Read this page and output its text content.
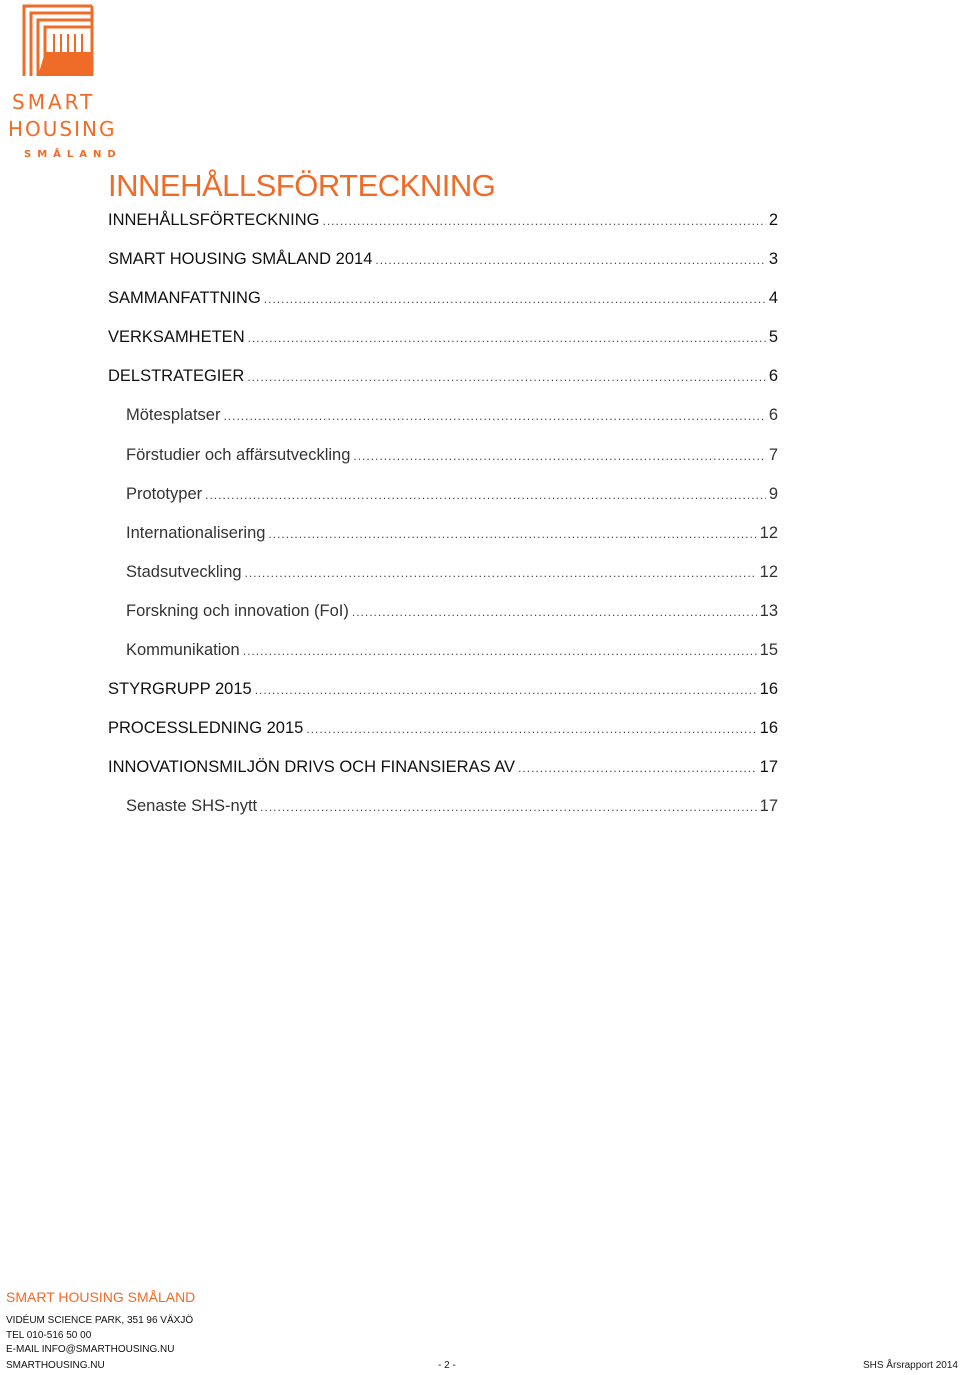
SMART
HOUSING
SMÅLAND
INNEHÅLLSFÖRTECKNING
INNEHÅLLSFÖRTECKNING .....	2
SMART HOUSING SMÅLAND 2014 .....	3
SAMMANFATTNING .....	4
VERKSAMHETEN .....	5
DELSTRATEGIER .....	6
Mötesplatser .....	6
Förstudier och affärsutveckling .....	7
Prototyper .....	9
Internationalisering .....	12
Stadsutveckling .....	12
Forskning och innovation (FoI) .....	13
Kommunikation .....	15
STYRGRUPP 2015 .....	16
PROCESSLEDNING 2015 .....	16
INNOVATIONSMILJÖN DRIVS OCH FINANSIERAS AV .....	17
Senaste SHS-nytt .....	17
SMART HOUSING SMÅLAND
VIDÉUM SCIENCE PARK, 351 96 VÄXJÖ
TEL 010-516 50 00
E-MAIL INFO@SMARTHOUSING.NU
SMARTHOUSING.NU	- 2 -	SHS Årsrapport 2014
